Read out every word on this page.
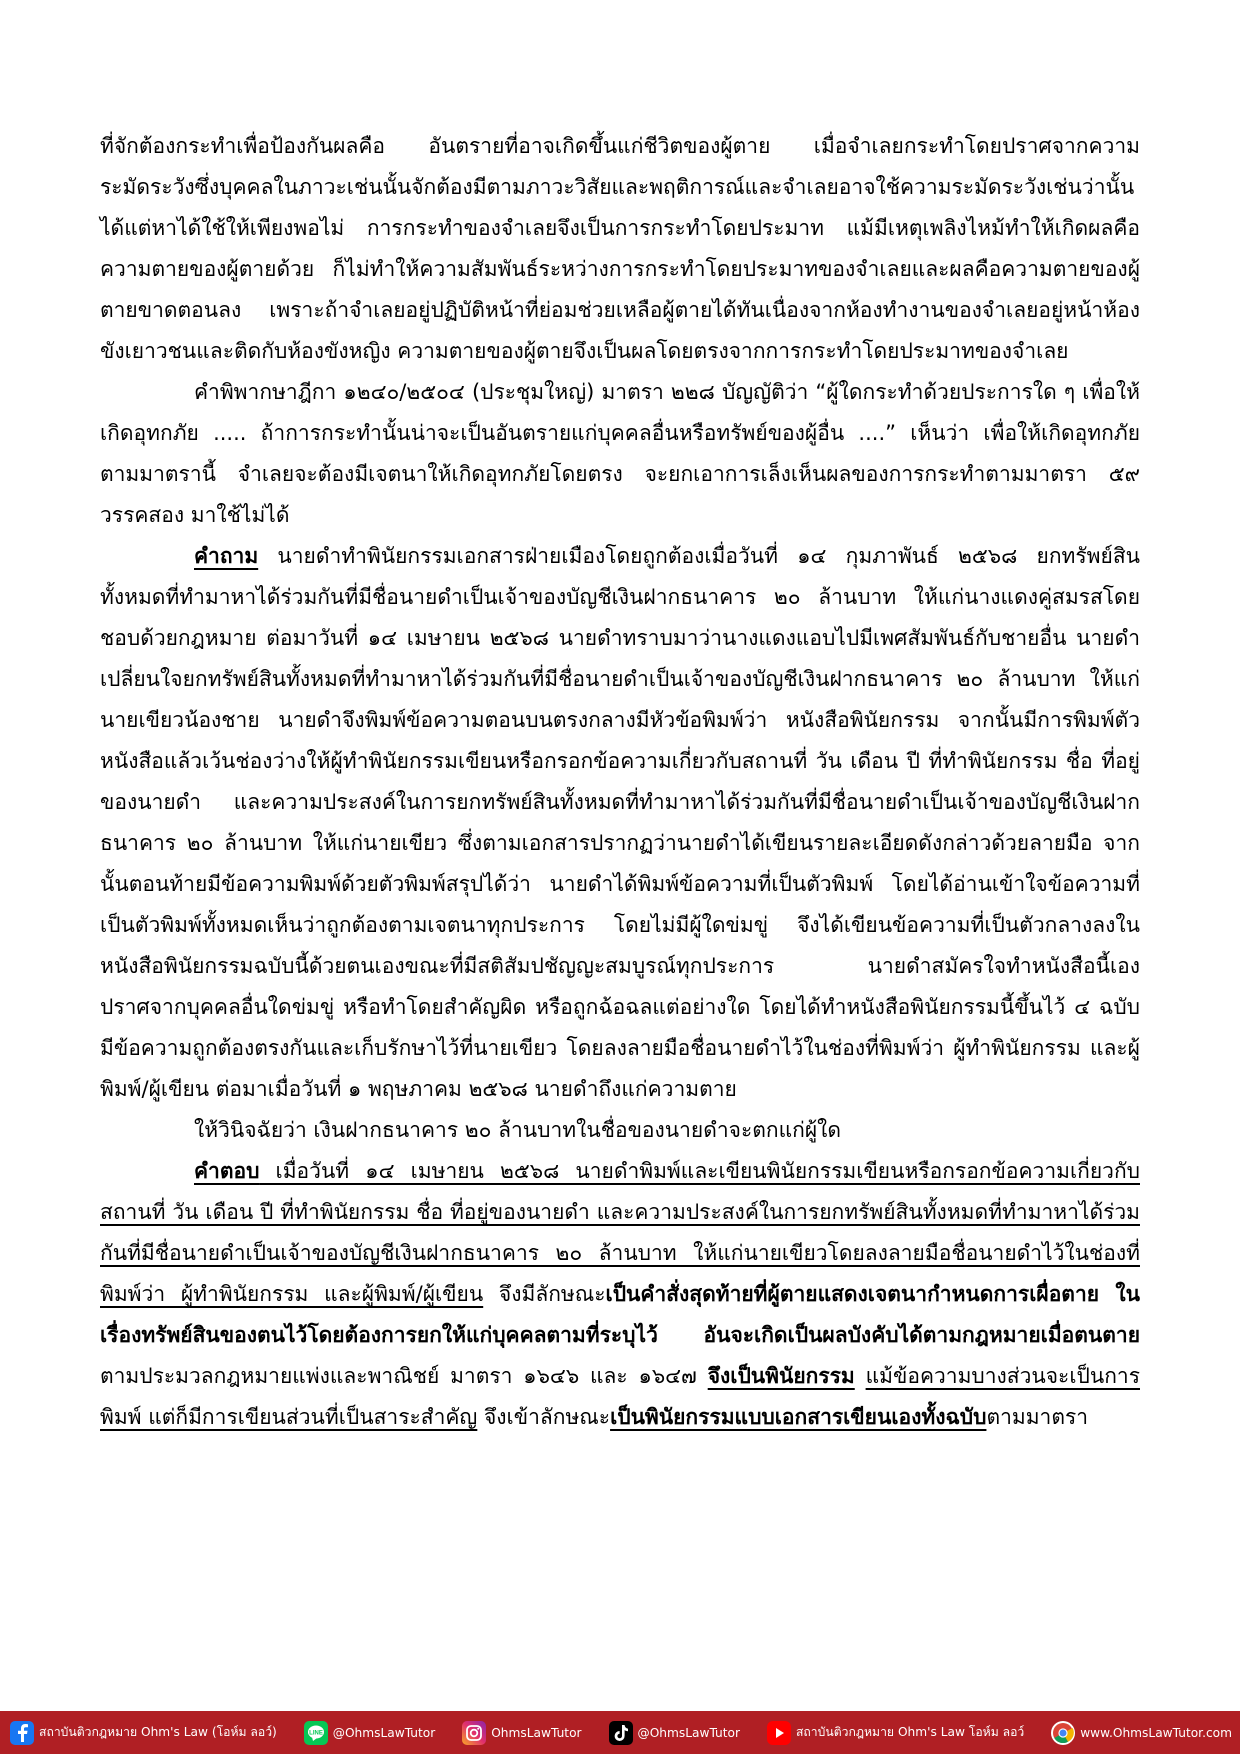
ที่จักต้องกระทำเพื่อป้องกันผลคือ อันตรายที่อาจเกิดขึ้นแก่ชีวิตของผู้ตาย เมื่อจำเลยกระทำโดยปราศจากความระมัดระวังซึ่งบุคคลในภาวะเช่นนั้นจักต้องมีตามภาวะวิสัยและพฤติการณ์และจำเลยอาจใช้ความระมัดระวังเช่นว่านั้นได้แต่หาได้ใช้ให้เพียงพอไม่ การกระทำของจำเลยจึงเป็นการกระทำโดยประมาท แม้มีเหตุเพลิงไหม้ทำให้เกิดผลคือความตายของผู้ตายด้วย ก็ไม่ทำให้ความสัมพันธ์ระหว่างการกระทำโดยประมาทของจำเลยและผลคือความตายของผู้ตายขาดตอนลง เพราะถ้าจำเลยอยู่ปฏิบัติหน้าที่ย่อมช่วยเหลือผู้ตายได้ทันเนื่องจากห้องทำงานของจำเลยอยู่หน้าห้องขังเยาวชนและติดกับห้องขังหญิง ความตายของผู้ตายจึงเป็นผลโดยตรงจากการกระทำโดยประมาทของจำเลย

คำพิพากษาฎีกา ๑๒๔๐/๒๕๐๔ (ประชุมใหญ่) มาตรา ๒๒๘ บัญญัติว่า “ผู้ใดกระทำด้วยประการใด ๆ เพื่อให้เกิดอุทกภัย ..... ถ้าการกระทำนั้นน่าจะเป็นอันตรายแก่บุคคลอื่นหรือทรัพย์ของผู้อื่น ....” เห็นว่า เพื่อให้เกิดอุทกภัยตามมาตรานี้ จำเลยจะต้องมีเจตนาให้เกิดอุทกภัยโดยตรง จะยกเอาการเล็งเห็นผลของการกระทำตามมาตรา ๕๙ วรรคสอง มาใช้ไม่ได้

คำถาม นายดำทำพินัยกรรมเอกสารฝ่ายเมืองโดยถูกต้องเมื่อวันที่ ๑๔ กุมภาพันธ์ ๒๕๖๘ ยกทรัพย์สินทั้งหมดที่ทำมาหาได้ร่วมกันที่มีชื่อนายดำเป็นเจ้าของบัญชีเงินฝากธนาคาร ๒๐ ล้านบาท ให้แก่นางแดงคู่สมรสโดยชอบด้วยกฎหมาย ต่อมาวันที่ ๑๔ เมษายน ๒๕๖๘ นายดำทราบมาว่านางแดงแอบไปมีเพศสัมพันธ์กับชายอื่น นายดำเปลี่ยนใจยกทรัพย์สินทั้งหมดที่ทำมาหาได้ร่วมกันที่มีชื่อนายดำเป็นเจ้าของบัญชีเงินฝากธนาคาร ๒๐ ล้านบาท ให้แก่นายเขียวน้องชาย นายดำจึงพิมพ์ข้อความตอนบนตรงกลางมีหัวข้อพิมพ์ว่า หนังสือพินัยกรรม จากนั้นมีการพิมพ์ตัวหนังสือแล้วเว้นช่องว่างให้ผู้ทำพินัยกรรมเขียนหรือกรอกข้อความเกี่ยวกับสถานที่ วัน เดือน ปี ที่ทำพินัยกรรม ชื่อ ที่อยู่ของนายดำ และความประสงค์ในการยกทรัพย์สินทั้งหมดที่ทำมาหาได้ร่วมกันที่มีชื่อนายดำเป็นเจ้าของบัญชีเงินฝากธนาคาร ๒๐ ล้านบาท ให้แก่นายเขียว ซึ่งตามเอกสารปรากฏว่านายดำได้เขียนรายละเอียดดังกล่าวด้วยลายมือ จากนั้นตอนท้ายมีข้อความพิมพ์ด้วยตัวพิมพ์สรุปได้ว่า นายดำได้พิมพ์ข้อความที่เป็นตัวพิมพ์ โดยได้อ่านเข้าใจข้อความที่เป็นตัวพิมพ์ทั้งหมดเห็นว่าถูกต้องตามเจตนาทุกประการ โดยไม่มีผู้ใดข่มขู่ จึงได้เขียนข้อความที่เป็นตัวกลางลงในหนังสือพินัยกรรมฉบับนี้ด้วยตนเองขณะที่มีสติสัมปชัญญะสมบูรณ์ทุกประการ นายดำสมัครใจทำหนังสือนี้เอง ปราศจากบุคคลอื่นใดข่มขู่ หรือทำโดยสำคัญผิด หรือถูกฉ้อฉลแต่อย่างใด โดยได้ทำหนังสือพินัยกรรมนี้ขึ้นไว้ ๔ ฉบับ มีข้อความถูกต้องตรงกันและเก็บรักษาไว้ที่นายเขียว โดยลงลายมือชื่อนายดำไว้ในช่องที่พิมพ์ว่า ผู้ทำพินัยกรรม และผู้พิมพ์/ผู้เขียน ต่อมาเมื่อวันที่ ๑ พฤษภาคม ๒๕๖๘ นายดำถึงแก่ความตาย

ให้วินิจฉัยว่า เงินฝากธนาคาร ๒๐ ล้านบาทในชื่อของนายดำจะตกแก่ผู้ใด

คำตอบ เมื่อวันที่ ๑๔ เมษายน ๒๕๖๘ นายดำพิมพ์และเขียนพินัยกรรมเขียนหรือกรอกข้อความเกี่ยวกับสถานที่ วัน เดือน ปี ที่ทำพินัยกรรม ชื่อ ที่อยู่ของนายดำ และความประสงค์ในการยกทรัพย์สินทั้งหมดที่ทำมาหาได้ร่วมกันที่มีชื่อนายดำเป็นเจ้าของบัญชีเงินฝากธนาคาร ๒๐ ล้านบาท ให้แก่นายเขียวโดยลงลายมือชื่อนายดำไว้ในช่องที่พิมพ์ว่า ผู้ทำพินัยกรรม และผู้พิมพ์/ผู้เขียน จึงมีลักษณะเป็นคำสั่งสุดท้ายที่ผู้ตายแสดงเจตนากำหนดการเผื่อตาย ในเรื่องทรัพย์สินของตนไว้โดยต้องการยกให้แก่บุคคลตามที่ระบุไว้ อันจะเกิดเป็นผลบังคับได้ตามกฎหมายเมื่อตนตายตามประมวลกฎหมายแพ่งและพาณิชย์ มาตรา ๑๖๔๖ และ ๑๖๔๗ จึงเป็นพินัยกรรม แม้ข้อความบางส่วนจะเป็นการพิมพ์ แต่ก็มีการเขียนส่วนที่เป็นสาระสำคัญ จึงเข้าลักษณะเป็นพินัยกรรมแบบเอกสารเขียนเองทั้งฉบับตามมาตรา

สถาบันติวกฎหมาย Ohm's Law (โอห์ม ลอว์)	LINE @OhmsLawTutor	OhmsLawTutor	@OhmsLawTutor	สถาบันติวกฎหมาย Ohm's Law โอห์ม ลอว์	www.OhmsLawTutor.com
